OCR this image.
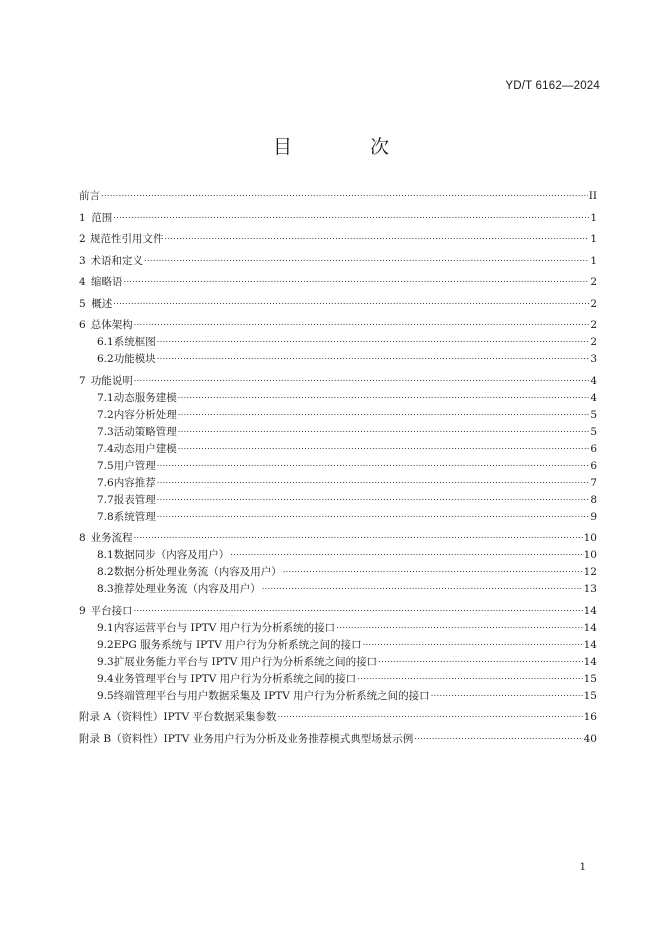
YD/T 6162—2024
目 次
前言 .....	II
1 范围 .....	1
2 规范性引用文件 .....	1
3 术语和定义 .....	1
4 缩略语 .....	2
5 概述 .....	2
6 总体架构 .....	2
6.1 系统框图 .....	2
6.2 功能模块 .....	3
7 功能说明 .....	4
7.1 动态服务建模 .....	4
7.2 内容分析处理 .....	5
7.3 活动策略管理 .....	5
7.4 动态用户建模 .....	6
7.5 用户管理 .....	6
7.6 内容推荐 .....	7
7.7 报表管理 .....	8
7.8 系统管理 .....	9
8 业务流程 .....	10
8.1 数据同步（内容及用户） .....	10
8.2 数据分析处理业务流（内容及用户） .....	12
8.3 推荐处理业务流（内容及用户） .....	13
9 平台接口 .....	14
9.1 内容运营平台与 IPTV 用户行为分析系统的接口 .....	14
9.2 EPG 服务系统与 IPTV 用户行为分析系统之间的接口 .....	14
9.3 扩展业务能力平台与 IPTV 用户行为分析系统之间的接口 .....	14
9.4 业务管理平台与 IPTV 用户行为分析系统之间的接口 .....	15
9.5 终端管理平台与用户数据采集及 IPTV 用户行为分析系统之间的接口 .....	15
附录 A（资料性）IPTV 平台数据采集参数 .....	16
附录 B（资料性）IPTV 业务用户行为分析及业务推荐模式典型场景示例 .....	40
1
